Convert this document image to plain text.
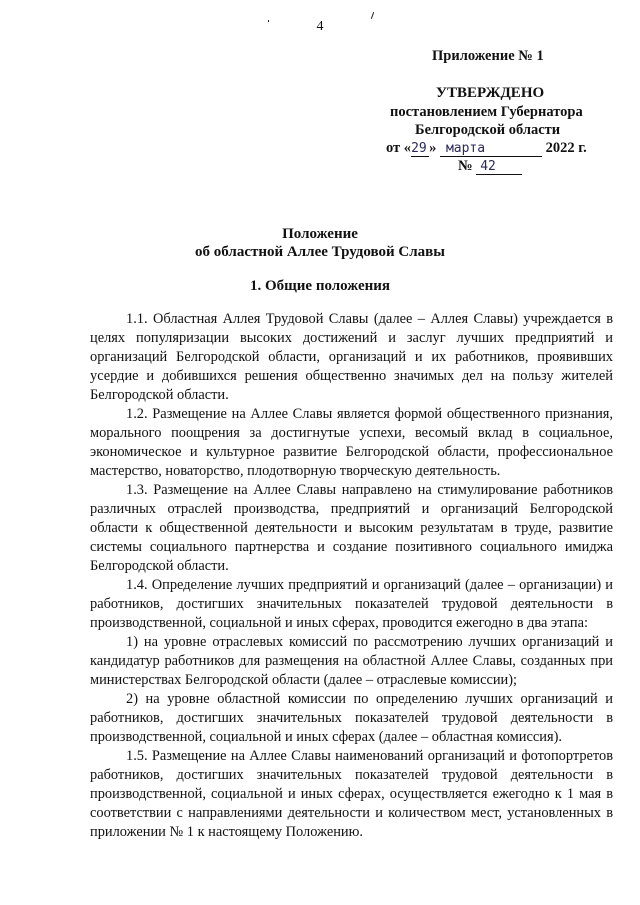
4
Приложение № 1
УТВЕРЖДЕНО
постановлением Губернатора
Белгородской области
от «29 » марта	2022 г.
№ 42
Положение
об областной Аллее Трудовой Славы
1. Общие положения

1.1. Областная Аллея Трудовой Славы (далее – Аллея Славы) учреждается в целях популяризации высоких достижений и заслуг лучших предприятий и организаций Белгородской области, организаций и их работников, проявивших усердие и добившихся решения общественно значимых дел на пользу жителей Белгородской области.

1.2. Размещение на Аллее Славы является формой общественного признания, морального поощрения за достигнутые успехи, весомый вклад в социальное, экономическое и культурное развитие Белгородской области, профессиональное мастерство, новаторство, плодотворную творческую деятельность.

1.3. Размещение на Аллее Славы направлено на стимулирование работников различных отраслей производства, предприятий и организаций Белгородской области к общественной деятельности и высоким результатам в труде, развитие системы социального партнерства и создание позитивного социального имиджа Белгородской области.

1.4. Определение лучших предприятий и организаций (далее – организации) и работников, достигших значительных показателей трудовой деятельности в производственной, социальной и иных сферах, проводится ежегодно в два этапа:

1) на уровне отраслевых комиссий по рассмотрению лучших организаций и кандидатур работников для размещения на областной Аллее Славы, созданных при министерствах Белгородской области (далее – отраслевые комиссии);

2) на уровне областной комиссии по определению лучших организаций и работников, достигших значительных показателей трудовой деятельности в производственной, социальной и иных сферах (далее – областная комиссия).

1.5. Размещение на Аллее Славы наименований организаций и фотопортретов работников, достигших значительных показателей трудовой деятельности в производственной, социальной и иных сферах, осуществляется ежегодно к 1 мая в соответствии с направлениями деятельности и количеством мест, установленных в приложении № 1 к настоящему Положению.
